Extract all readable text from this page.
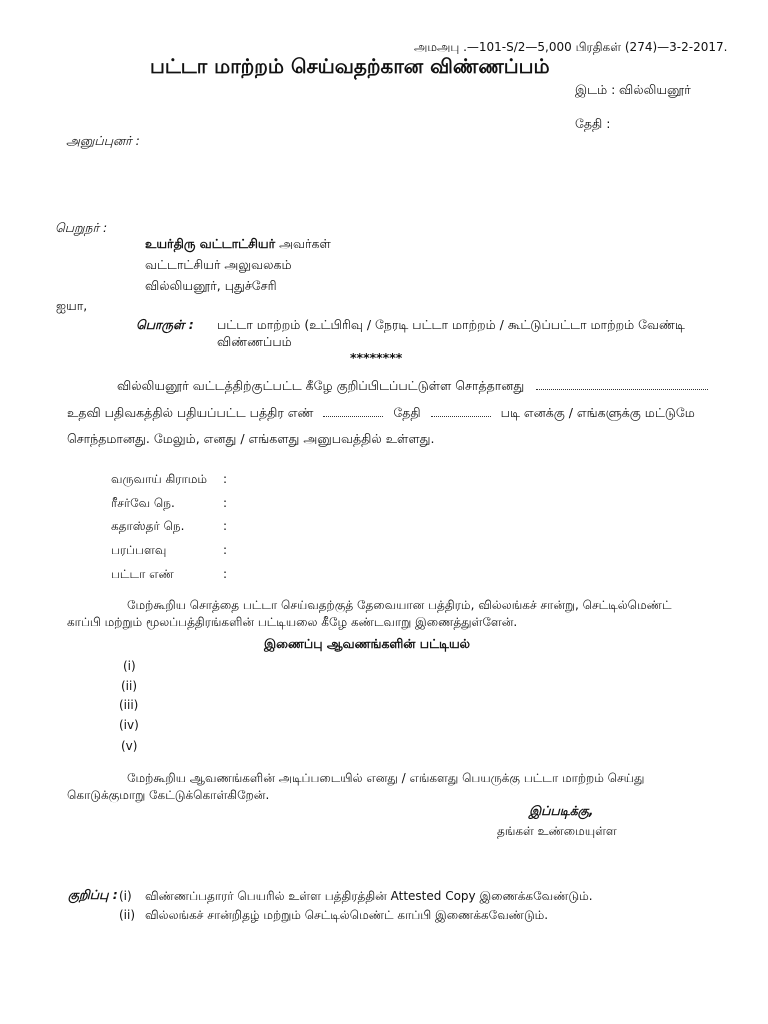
அமஅபு .—101-S/2—5,000 பிரதிகள் (274)—3-2-2017.
பட்டா மாற்றம் செய்வதற்கான விண்ணப்பம்
இடம் : வில்லியனூர்
தேதி :
அனுப்புனர் :
பெறுநர் :
உயர்திரு வட்டாட்சியர் அவர்கள்
வட்டாட்சியர் அலுவலகம்
வில்லியனூர், புதுச்சேரி
ஐயா,
பொருள் : பட்டா மாற்றம் (உட்பிரிவு / நேரடி பட்டா மாற்றம் / கூட்டுப்பட்டா மாற்றம் வேண்டி
விண்ணப்பம்
********
வில்லியனூர் வட்டத்திற்குட்பட்ட கீழே குறிப்பிடப்பட்டுள்ள சொத்தானது
உதவி பதிவகத்தில் பதியப்பட்ட பத்திர எண்	தேதி	படி எனக்கு / எங்களுக்கு மட்டுமே
சொந்தமானது. மேலும், எனது / எங்களது அனுபவத்தில் உள்ளது.
வருவாய் கிராமம் :
ரீசர்வே நெ.	:
கதாஸ்தர் நெ.	:
பரப்பளவு	:
பட்டா எண்	:
மேற்கூறிய சொத்தை பட்டா செய்வதற்குத் தேவையான பத்திரம், வில்லங்கச் சான்று, செட்டில்மெண்ட்
காப்பி மற்றும் மூலப்பத்திரங்களின் பட்டியலை கீழே கண்டவாறு இணைத்துள்ளேன்.
இணைப்பு ஆவணங்களின் பட்டியல்
(i)
(ii)
(iii)
(iv)
(v)
மேற்கூறிய ஆவணங்களின் அடிப்படையில் எனது / எங்களது பெயருக்கு பட்டா மாற்றம் செய்து
கொடுக்குமாறு கேட்டுக்கொள்கிறேன்.
இப்படிக்கு,
தங்கள் உண்மையுள்ள
குறிப்பு : (i) விண்ணப்பதாரர் பெயரில் உள்ள பத்திரத்தின் Attested Copy இணைக்கவேண்டும்.
(ii) வில்லங்கச் சான்றிதழ் மற்றும் செட்டில்மெண்ட் காப்பி இணைக்கவேண்டும்.
